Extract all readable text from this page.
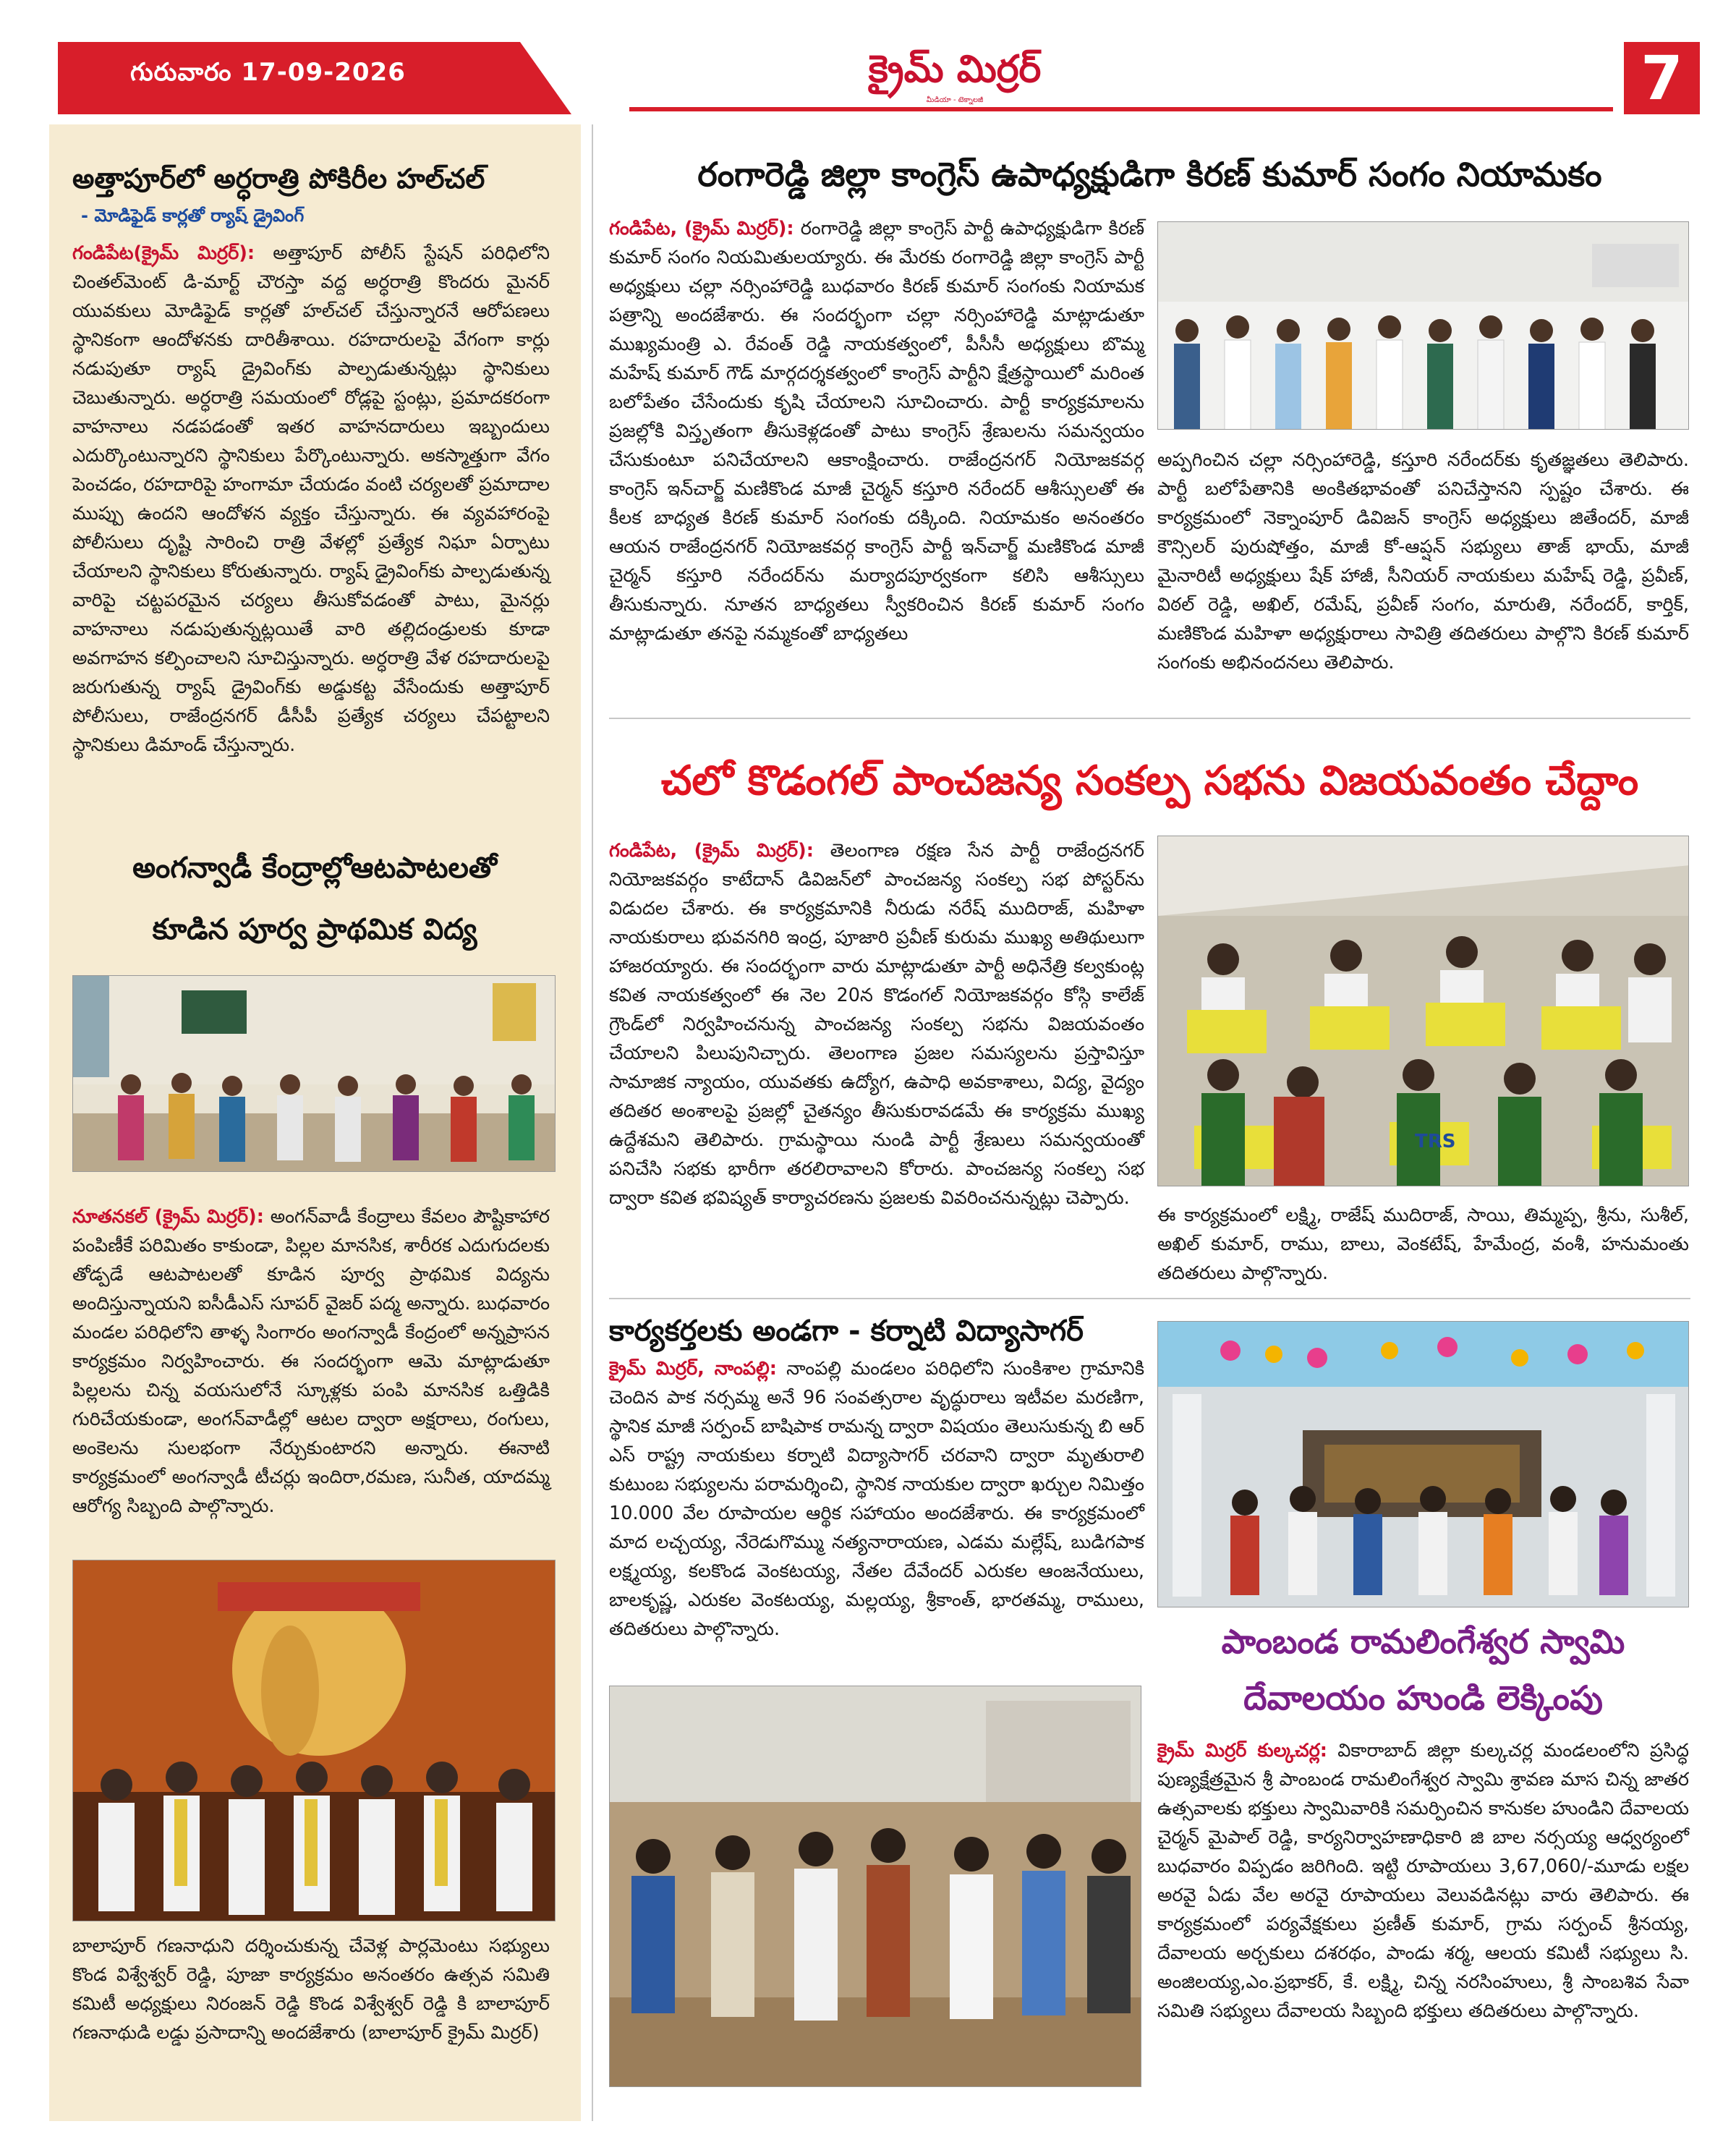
గురువారం 17-09-2026	క్రైమ్ మిర్రర్
మీడియా - టెక్నాలజీ	7
అత్తాపూర్‌లో అర్ధరాత్రి పోకిరీల హల్‌చల్
- మోడిఫైడ్ కార్లతో ర్యాష్ డ్రైవింగ్
గండిపేట(క్రైమ్ మిర్రర్): అత్తాపూర్ పోలీస్ స్టేషన్ పరిధిలోని చింతల్‌మెంట్ డి-మార్ట్ చౌరస్తా వద్ద అర్ధరాత్రి కొందరు మైనర్ యువకులు మోడిఫైడ్ కార్లతో హల్‌చల్ చేస్తున్నారనే ఆరోపణలు స్థానికంగా ఆందోళనకు దారితీశాయి. రహదారులపై వేగంగా కార్లు నడుపుతూ ర్యాష్ డ్రైవింగ్‌కు పాల్పడుతున్నట్లు స్థానికులు చెబుతున్నారు. అర్ధరాత్రి సమయంలో రోడ్లపై స్టంట్లు, ప్రమాదకరంగా వాహనాలు నడపడంతో ఇతర వాహనదారులు ఇబ్బందులు ఎదుర్కొంటున్నారని స్థానికులు పేర్కొంటున్నారు. అకస్మాత్తుగా వేగం పెంచడం, రహదారిపై హంగామా చేయడం వంటి చర్యలతో ప్రమాదాల ముప్పు ఉందని ఆందోళన వ్యక్తం చేస్తున్నారు. ఈ వ్యవహారంపై పోలీసులు దృష్టి సారించి రాత్రి వేళల్లో ప్రత్యేక నిఘా ఏర్పాటు చేయాలని స్థానికులు కోరుతున్నారు. ర్యాష్ డ్రైవింగ్‌కు పాల్పడుతున్న వారిపై చట్టపరమైన చర్యలు తీసుకోవడంతో పాటు, మైనర్లు వాహనాలు నడుపుతున్నట్లయితే వారి తల్లిదండ్రులకు కూడా అవగాహన కల్పించాలని సూచిస్తున్నారు. అర్ధరాత్రి వేళ రహదారులపై జరుగుతున్న ర్యాష్ డ్రైవింగ్‌కు అడ్డుకట్ట వేసేందుకు అత్తాపూర్ పోలీసులు, రాజేంద్రనగర్ డీసీపీ ప్రత్యేక చర్యలు చేపట్టాలని స్థానికులు డిమాండ్ చేస్తున్నారు.
అంగన్వాడీ కేంద్రాల్లోఆటపాటలతో
కూడిన పూర్వ ప్రాథమిక విద్య
నూతనకల్ (క్రైమ్ మిర్రర్): అంగన్‌వాడీ కేంద్రాలు కేవలం పౌష్టికాహార పంపిణీకే పరిమితం కాకుండా, పిల్లల మానసిక, శారీరక ఎదుగుదలకు తోడ్పడే ఆటపాటలతో కూడిన పూర్వ ప్రాథమిక విద్యను అందిస్తున్నాయని ఐసీడీఎస్ సూపర్ వైజర్ పద్మ అన్నారు. బుధవారం మండల పరిధిలోని తాళ్ళ సింగారం అంగన్వాడీ కేంద్రంలో అన్నప్రాసన కార్యక్రమం నిర్వహించారు. ఈ సందర్భంగా ఆమె మాట్లాడుతూ పిల్లలను చిన్న వయసులోనే స్కూళ్లకు పంపి మానసిక ఒత్తిడికి గురిచేయకుండా, అంగన్‌వాడీల్లో ఆటల ద్వారా అక్షరాలు, రంగులు, అంకెలను సులభంగా నేర్చుకుంటారని అన్నారు. ఈనాటి కార్యక్రమంలో అంగన్వాడీ టీచర్లు ఇందిరా,రమణ, సునీత, యాదమ్మ ఆరోగ్య సిబ్బంది పాల్గొన్నారు.
బాలాపూర్ గణనాధుని దర్శించుకున్న చేవెళ్ల పార్లమెంటు సభ్యులు కొండ విశ్వేశ్వర్ రెడ్డి, పూజా కార్యక్రమం అనంతరం ఉత్సవ సమితి కమిటీ అధ్యక్షులు నిరంజన్ రెడ్డి కొండ విశ్వేశ్వర్ రెడ్డి కి బాలాపూర్ గణనాథుడి లడ్డు ప్రసాదాన్ని అందజేశారు (బాలాపూర్ క్రైమ్ మిర్రర్)
రంగారెడ్డి జిల్లా కాంగ్రెస్ ఉపాధ్యక్షుడిగా కిరణ్ కుమార్ సంగం నియామకం
గండిపేట, (క్రైమ్ మిర్రర్): రంగారెడ్డి జిల్లా కాంగ్రెస్ పార్టీ ఉపాధ్యక్షుడిగా కిరణ్ కుమార్ సంగం నియమితులయ్యారు. ఈ మేరకు రంగారెడ్డి జిల్లా కాంగ్రెస్ పార్టీ అధ్యక్షులు చల్లా నర్సింహారెడ్డి బుధవారం కిరణ్ కుమార్ సంగంకు నియామక పత్రాన్ని అందజేశారు. ఈ సందర్భంగా చల్లా నర్సింహారెడ్డి మాట్లాడుతూ ముఖ్యమంత్రి ఎ. రేవంత్ రెడ్డి నాయకత్వంలో, పీసీసీ అధ్యక్షులు బొమ్మ మహేష్ కుమార్ గౌడ్ మార్గదర్శకత్వంలో కాంగ్రెస్ పార్టీని క్షేత్రస్థాయిలో మరింత బలోపేతం చేసేందుకు కృషి చేయాలని సూచించారు. పార్టీ కార్యక్రమాలను ప్రజల్లోకి విస్తృతంగా తీసుకెళ్లడంతో పాటు కాంగ్రెస్ శ్రేణులను సమన్వయం చేసుకుంటూ పనిచేయాలని ఆకాంక్షించారు. రాజేంద్రనగర్ నియోజకవర్గ కాంగ్రెస్ ఇన్‌చార్జ్ మణికొండ మాజీ చైర్మన్ కస్తూరి నరేందర్ ఆశీస్సులతో ఈ కీలక బాధ్యత కిరణ్ కుమార్ సంగంకు దక్కింది. నియామకం అనంతరం ఆయన రాజేంద్రనగర్ నియోజకవర్గ కాంగ్రెస్ పార్టీ ఇన్‌చార్జ్ మణికొండ మాజీ చైర్మన్ కస్తూరి నరేందర్‌ను మర్యాదపూర్వకంగా కలిసి ఆశీస్సులు తీసుకున్నారు. నూతన బాధ్యతలు స్వీకరించిన కిరణ్ కుమార్ సంగం మాట్లాడుతూ తనపై నమ్మకంతో బాధ్యతలు
అప్పగించిన చల్లా నర్సింహారెడ్డి, కస్తూరి నరేందర్‌కు కృతజ్ఞతలు తెలిపారు. పార్టీ బలోపేతానికి అంకితభావంతో పనిచేస్తానని స్పష్టం చేశారు. ఈ కార్యక్రమంలో నెక్నాంపూర్ డివిజన్ కాంగ్రెస్ అధ్యక్షులు జితేందర్, మాజీ కౌన్సిలర్ పురుషోత్తం, మాజీ కో-ఆప్షన్ సభ్యులు తాజ్ భాయ్, మాజీ మైనారిటీ అధ్యక్షులు షేక్ హాజీ, సీనియర్ నాయకులు మహేష్ రెడ్డి, ప్రవీణ్, విఠల్ రెడ్డి, అఖిల్, రమేష్, ప్రవీణ్ సంగం, మారుతి, నరేందర్, కార్తిక్, మణికొండ మహిళా అధ్యక్షురాలు సావిత్రి తదితరులు పాల్గొని కిరణ్ కుమార్ సంగంకు అభినందనలు తెలిపారు.
చలో కొడంగల్ పాంచజన్య సంకల్ప సభను విజయవంతం చేద్దాం
గండిపేట, (క్రైమ్ మిర్రర్): తెలంగాణ రక్షణ సేన పార్టీ రాజేంద్రనగర్ నియోజకవర్గం కాటేదాన్ డివిజన్‌లో పాంచజన్య సంకల్ప సభ పోస్టర్‌ను విడుదల చేశారు. ఈ కార్యక్రమానికి నీరుడు నరేష్ ముదిరాజ్, మహిళా నాయకురాలు భువనగిరి ఇంద్ర, పూజారి ప్రవీణ్ కురుమ ముఖ్య అతిథులుగా హాజరయ్యారు. ఈ సందర్భంగా వారు మాట్లాడుతూ పార్టీ అధినేత్రి కల్వకుంట్ల కవిత నాయకత్వంలో ఈ నెల 20న కొడంగల్ నియోజకవర్గం కోస్గి కాలేజ్ గ్రౌండ్‌లో నిర్వహించనున్న పాంచజన్య సంకల్ప సభను విజయవంతం చేయాలని పిలుపునిచ్చారు. తెలంగాణ ప్రజల సమస్యలను ప్రస్తావిస్తూ సామాజిక న్యాయం, యువతకు ఉద్యోగ, ఉపాధి అవకాశాలు, విద్య, వైద్యం తదితర అంశాలపై ప్రజల్లో చైతన్యం తీసుకురావడమే ఈ కార్యక్రమ ముఖ్య ఉద్దేశమని తెలిపారు. గ్రామస్థాయి నుండి పార్టీ శ్రేణులు సమన్వయంతో పనిచేసి సభకు భారీగా తరలిరావాలని కోరారు. పాంచజన్య సంకల్ప సభ ద్వారా కవిత భవిష్యత్ కార్యాచరణను ప్రజలకు వివరించనున్నట్లు చెప్పారు.
TRS
ఈ కార్యక్రమంలో లక్ష్మి, రాజేష్ ముదిరాజ్, సాయి, తిమ్మప్ప, శ్రీను, సుశీల్, అఖిల్ కుమార్, రాము, బాలు, వెంకటేష్, హేమేంద్ర, వంశీ, హనుమంతు తదితరులు పాల్గొన్నారు.
కార్యకర్తలకు అండగా - కర్నాటి విద్యాసాగర్
క్రైమ్ మిర్రర్, నాంపల్లి: నాంపల్లి మండలం పరిధిలోని సుంకిశాల గ్రామానికి చెందిన పాక నర్సమ్మ అనే 96 సంవత్సరాల వృద్ధురాలు ఇటీవల మరణిగా, స్థానిక మాజీ సర్పంచ్ బాషిపాక రామన్న ద్వారా విషయం తెలుసుకున్న బి ఆర్ ఎస్ రాష్ట్ర నాయకులు కర్నాటి విద్యాసాగర్ చరవాని ద్వారా మృతురాలి కుటుంబ సభ్యులను పరామర్శించి, స్థానిక నాయకుల ద్వారా ఖర్చుల నిమిత్తం 10.000 వేల రూపాయల ఆర్థిక సహాయం అందజేశారు. ఈ కార్యక్రమంలో మాద లచ్చయ్య, నేరెడుగొమ్ము నత్యనారాయణ, ఎడమ మల్లేష్, బుడిగపాక లక్ష్మయ్య, కలకొండ వెంకటయ్య, నేతల దేవేందర్ ఎరుకల ఆంజనేయులు, బాలకృష్ణ, ఎరుకల వెంకటయ్య, మల్లయ్య, శ్రీకాంత్, భారతమ్మ, రాములు, తదితరులు పాల్గొన్నారు.	పాంబండ రామలింగేశ్వర స్వామి
దేవాలయం హుండి లెక్కింపు
క్రైమ్ మిర్రర్ కుల్కచర్ల: వికారాబాద్ జిల్లా కుల్కచర్ల మండలంలోని ప్రసిద్ధ పుణ్యక్షేత్రమైన శ్రీ పాంబండ రామలింగేశ్వర స్వామి శ్రావణ మాస చిన్న జాతర ఉత్సవాలకు భక్తులు స్వామివారికి సమర్పించిన కానుకల హుండిని దేవాలయ చైర్మన్ మైపాల్ రెడ్డి, కార్యనిర్వాహణాధికారి జి బాల నర్సయ్య ఆధ్వర్యంలో బుధవారం విప్పడం జరిగింది. ఇట్టి రూపాయలు 3,67,060/-మూడు లక్షల అరవై ఏడు వేల అరవై రూపాయలు వెలువడినట్లు వారు తెలిపారు. ఈ కార్యక్రమంలో పర్యవేక్షకులు ప్రణీత్ కుమార్, గ్రామ సర్పంచ్ శ్రీనయ్య, దేవాలయ అర్చకులు దశరథం, పాండు శర్మ, ఆలయ కమిటీ సభ్యులు సి. అంజిలయ్య,ఎం.ప్రభాకర్, కే. లక్ష్మి, చిన్న నరసింహులు, శ్రీ సాంబశివ సేవా సమితి సభ్యులు దేవాలయ సిబ్బంది భక్తులు తదితరులు పాల్గొన్నారు.
